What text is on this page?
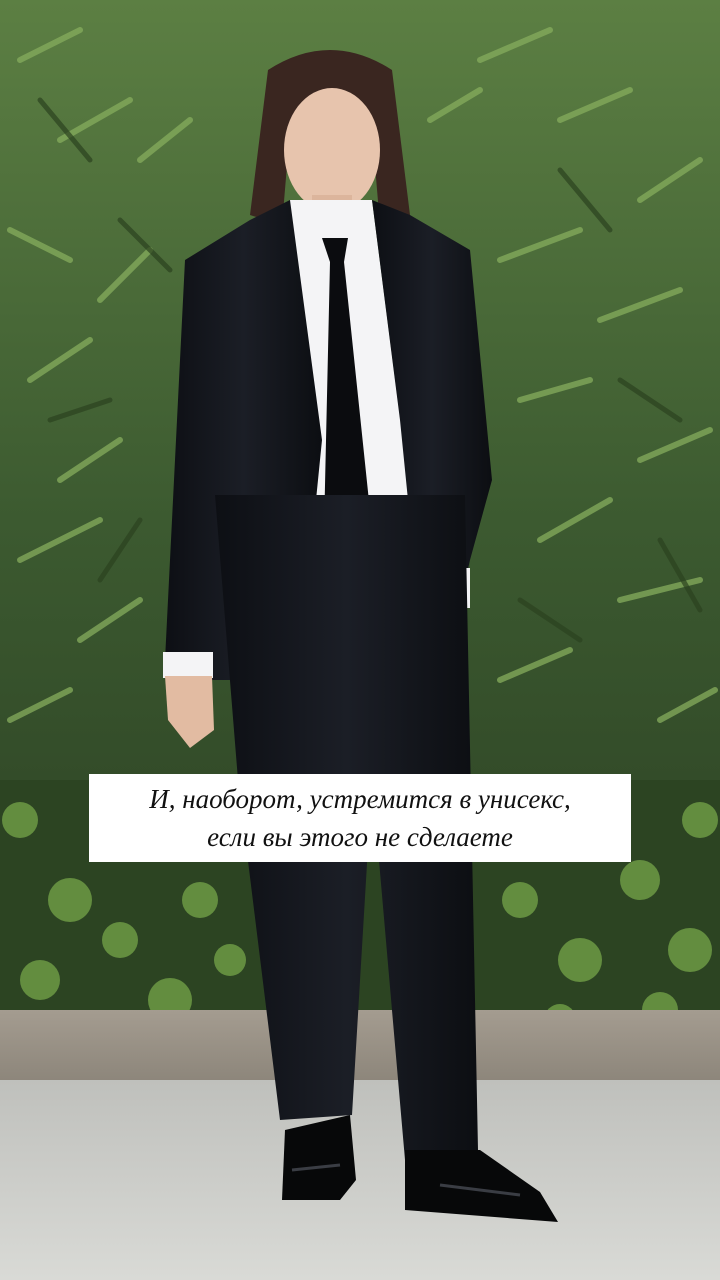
И, наоборот, устремится в унисекс,
если вы этого не сделаете
